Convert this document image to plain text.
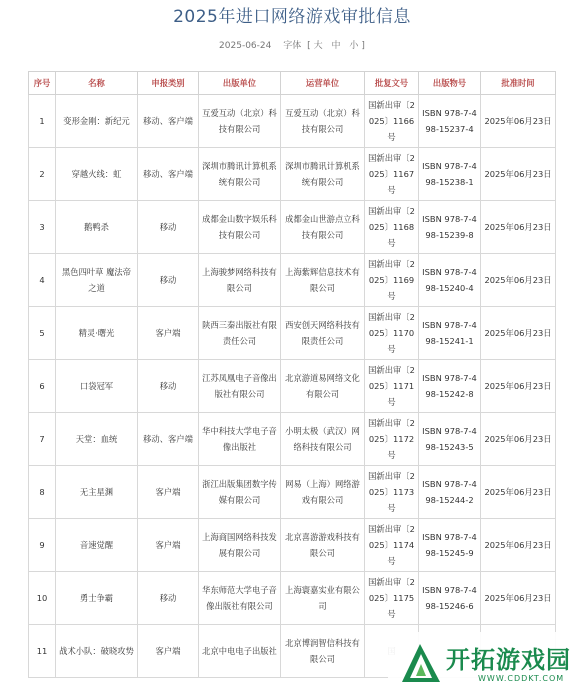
2025年进口网络游戏审批信息
2025-06-24 字体 [ 大 中 小 ]
序号	名称	申报类别	出版单位	运营单位	批复文号	出版物号	批准时间
1	变形金刚：新纪元	移动、客户端	互爱互动（北京）科技有限公司	互爱互动（北京）科技有限公司	国新出审〔2025〕1166号	ISBN 978-7-498-15237-4	2025年06月23日
2	穿越火线：虹	移动、客户端	深圳市腾讯计算机系统有限公司	深圳市腾讯计算机系统有限公司	国新出审〔2025〕1167号	ISBN 978-7-498-15238-1	2025年06月23日
3	鹅鸭杀	移动	成都金山数字娱乐科技有限公司	成都金山世游点立科技有限公司	国新出审〔2025〕1168号	ISBN 978-7-498-15239-8	2025年06月23日
4	黑色四叶草 魔法帝之道	移动	上海骏梦网络科技有限公司	上海紫辉信息技术有限公司	国新出审〔2025〕1169号	ISBN 978-7-498-15240-4	2025年06月23日
5	精灵·曙光	客户端	陕西三秦出版社有限责任公司	西安创天网络科技有限责任公司	国新出审〔2025〕1170号	ISBN 978-7-498-15241-1	2025年06月23日
6	口袋冠军	移动	江苏凤凰电子音像出版社有限公司	北京游道易网络文化有限公司	国新出审〔2025〕1171号	ISBN 978-7-498-15242-8	2025年06月23日
7	天堂：血统	移动、客户端	华中科技大学电子音像出版社	小明太极（武汉）网络科技有限公司	国新出审〔2025〕1172号	ISBN 978-7-498-15243-5	2025年06月23日
8	无主星渊	客户端	浙江出版集团数字传媒有限公司	网易（上海）网络游戏有限公司	国新出审〔2025〕1173号	ISBN 978-7-498-15244-2	2025年06月23日
9	音速觉醒	客户端	上海商国网络科技发展有限公司	北京喜游游戏科技有限公司	国新出审〔2025〕1174号	ISBN 978-7-498-15245-9	2025年06月23日
10	勇士争霸	移动	华东师范大学电子音像出版社有限公司	上海寰嘉实业有限公司	国新出审〔2025〕1175号	ISBN 978-7-498-15246-6	2025年06月23日
11	战术小队：破晓攻势	客户端	北京中电电子出版社	北京博润智信科技有限公司				开拓游戏园
WWW.CDDKT.COM
